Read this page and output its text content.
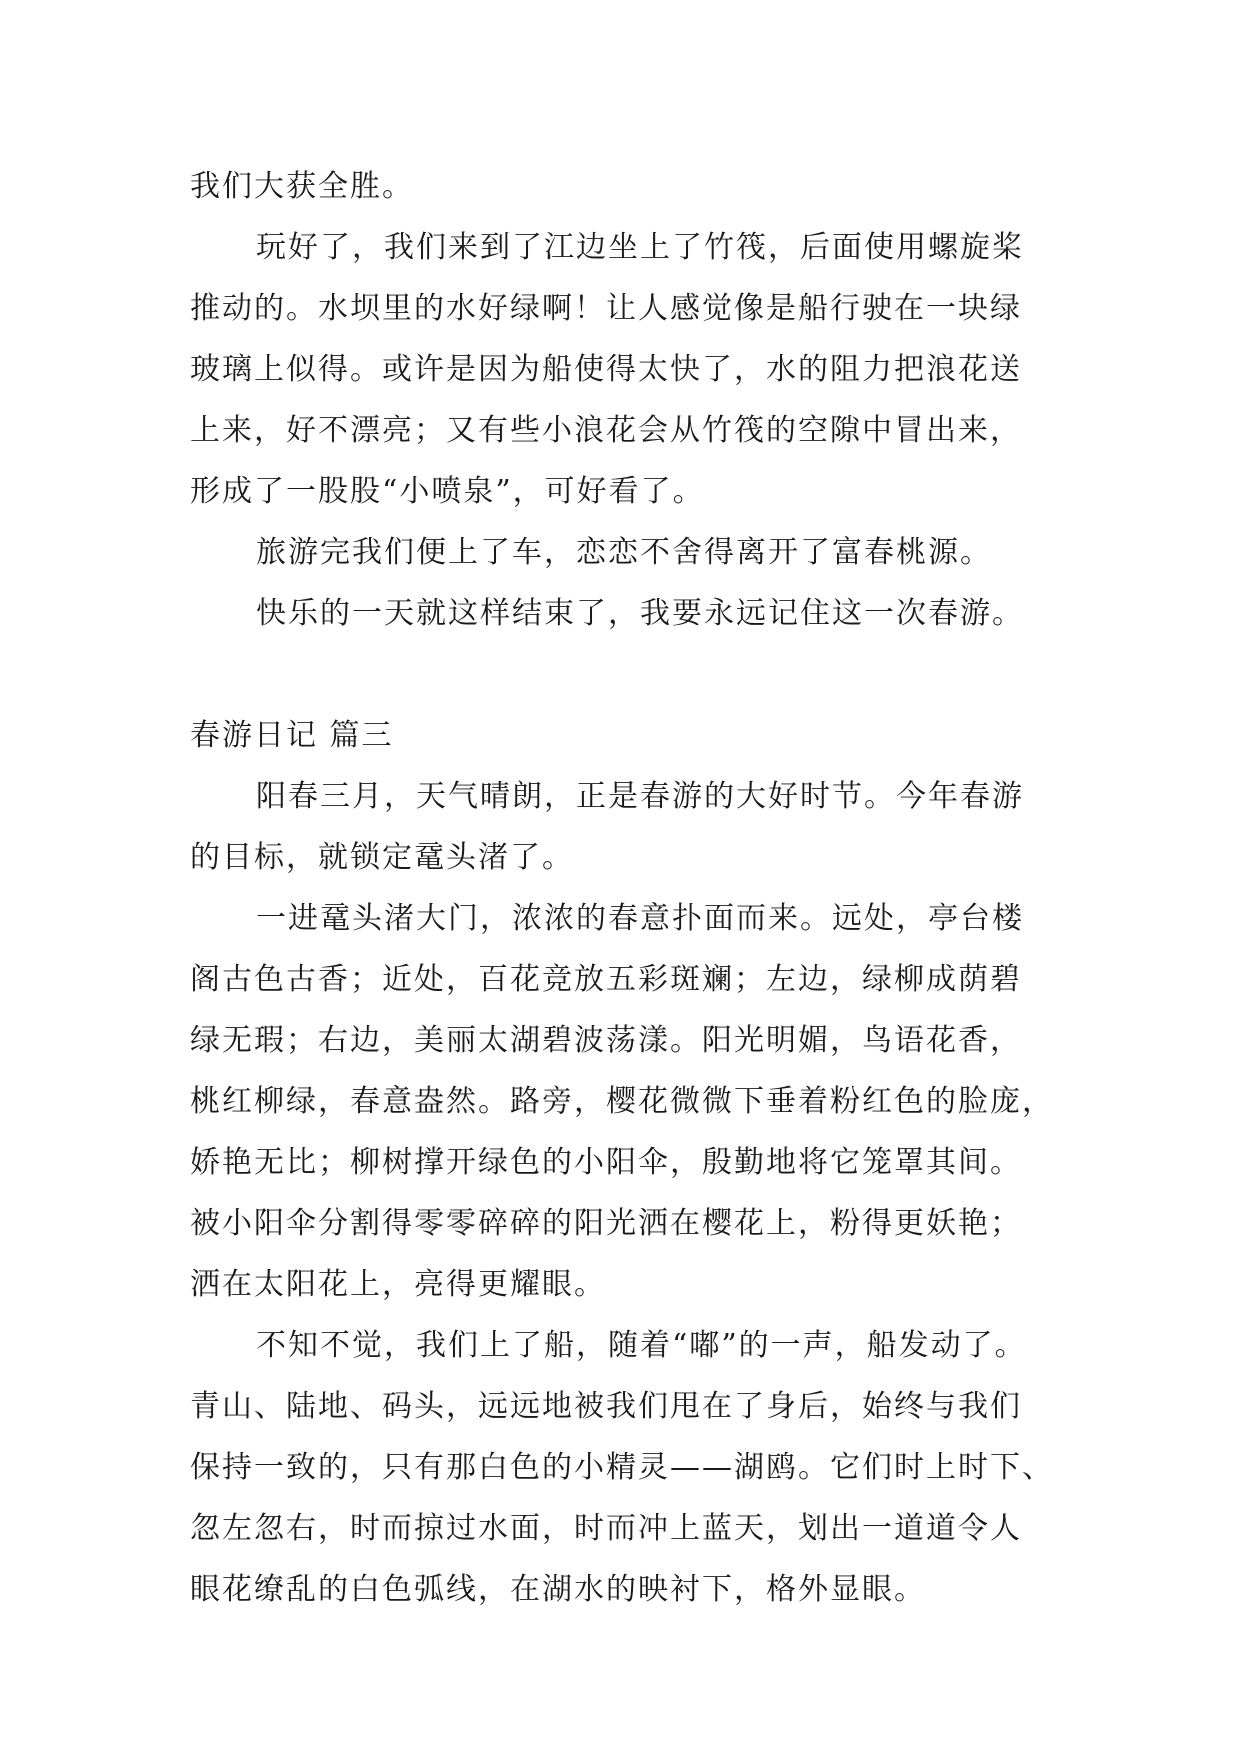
我们大获全胜。
玩好了，我们来到了江边坐上了竹筏，后面使用螺旋桨
推动的。水坝里的水好绿啊！让人感觉像是船行驶在一块绿
玻璃上似得。或许是因为船使得太快了，水的阻力把浪花送
上来，好不漂亮；又有些小浪花会从竹筏的空隙中冒出来，
形成了一股股“小喷泉”，可好看了。
旅游完我们便上了车，恋恋不舍得离开了富春桃源。
快乐的一天就这样结束了，我要永远记住这一次春游。
春游日记 篇三
阳春三月，天气晴朗，正是春游的大好时节。今年春游
的目标，就锁定鼋头渚了。
一进鼋头渚大门，浓浓的春意扑面而来。远处，亭台楼
阁古色古香；近处，百花竞放五彩斑斓；左边，绿柳成荫碧
绿无瑕；右边，美丽太湖碧波荡漾。阳光明媚，鸟语花香，
桃红柳绿，春意盎然。路旁，樱花微微下垂着粉红色的脸庞，
娇艳无比；柳树撑开绿色的小阳伞，殷勤地将它笼罩其间。
被小阳伞分割得零零碎碎的阳光洒在樱花上，粉得更妖艳；
洒在太阳花上，亮得更耀眼。
不知不觉，我们上了船，随着“嘟”的一声，船发动了。
青山、陆地、码头，远远地被我们甩在了身后，始终与我们
保持一致的，只有那白色的小精灵——湖鸥。它们时上时下、
忽左忽右，时而掠过水面，时而冲上蓝天，划出一道道令人
眼花缭乱的白色弧线，在湖水的映衬下，格外显眼。
